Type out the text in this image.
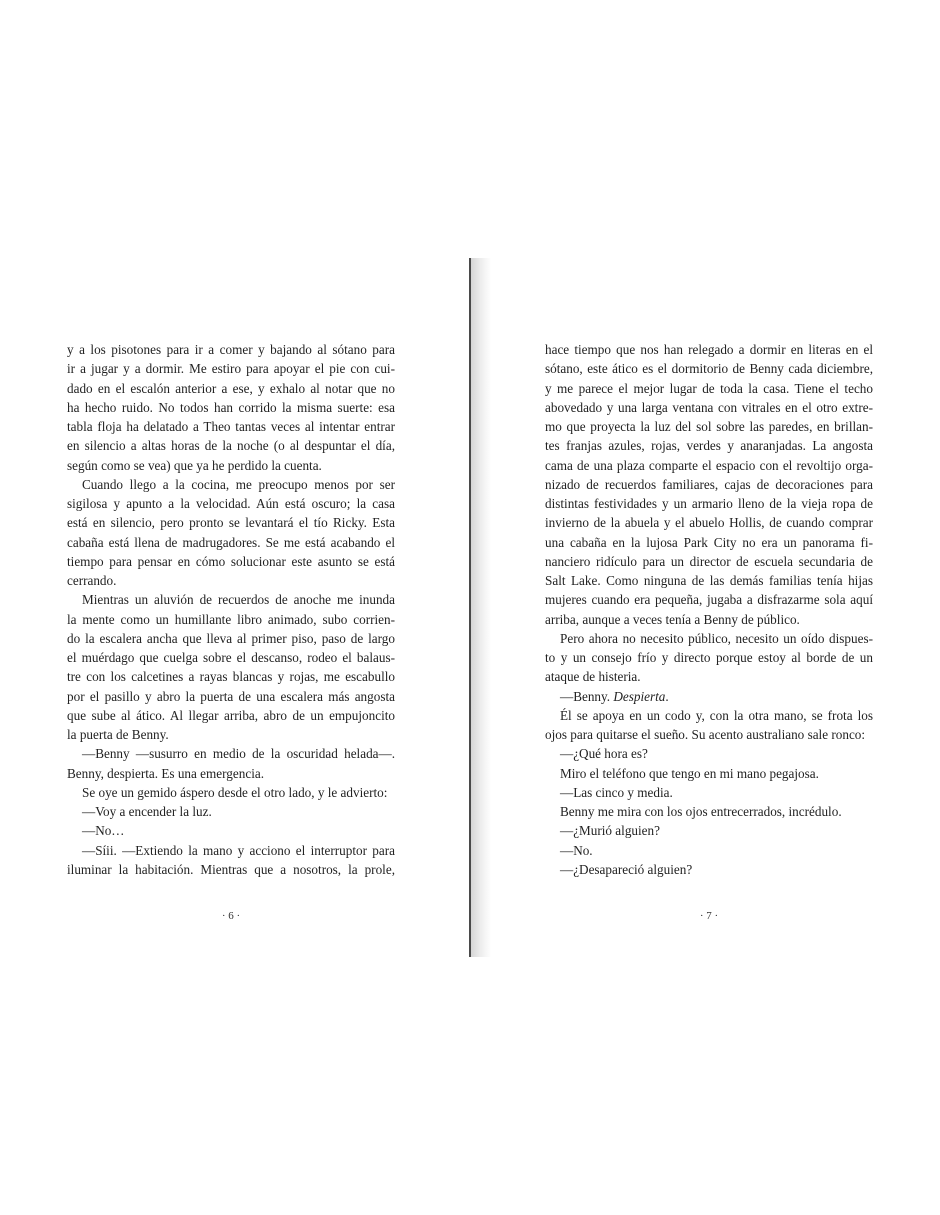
y a los pisotones para ir a comer y bajando al sótano para
ir a jugar y a dormir. Me estiro para apoyar el pie con cui-
dado en el escalón anterior a ese, y exhalo al notar que no
ha hecho ruido. No todos han corrido la misma suerte: esa
tabla floja ha delatado a Theo tantas veces al intentar entrar
en silencio a altas horas de la noche (o al despuntar el día,
según como se vea) que ya he perdido la cuenta.
Cuando llego a la cocina, me preocupo menos por ser
sigilosa y apunto a la velocidad. Aún está oscuro; la casa
está en silencio, pero pronto se levantará el tío Ricky. Esta
cabaña está llena de madrugadores. Se me está acabando el
tiempo para pensar en cómo solucionar este asunto se está
cerrando.
Mientras un aluvión de recuerdos de anoche me inunda
la mente como un humillante libro animado, subo corrien-
do la escalera ancha que lleva al primer piso, paso de largo
el muérdago que cuelga sobre el descanso, rodeo el balaus-
tre con los calcetines a rayas blancas y rojas, me escabullo
por el pasillo y abro la puerta de una escalera más angosta
que sube al ático. Al llegar arriba, abro de un empujoncito
la puerta de Benny.
—Benny —susurro en medio de la oscuridad helada—.
Benny, despierta. Es una emergencia.
Se oye un gemido áspero desde el otro lado, y le advierto:
—Voy a encender la luz.
—No…
—Síii. —Extiendo la mano y acciono el interruptor para
iluminar la habitación. Mientras que a nosotros, la prole,
· 6 ·
hace tiempo que nos han relegado a dormir en literas en el
sótano, este ático es el dormitorio de Benny cada diciembre,
y me parece el mejor lugar de toda la casa. Tiene el techo
abovedado y una larga ventana con vitrales en el otro extre-
mo que proyecta la luz del sol sobre las paredes, en brillan-
tes franjas azules, rojas, verdes y anaranjadas. La angosta
cama de una plaza comparte el espacio con el revoltijo orga-
nizado de recuerdos familiares, cajas de decoraciones para
distintas festividades y un armario lleno de la vieja ropa de
invierno de la abuela y el abuelo Hollis, de cuando comprar
una cabaña en la lujosa Park City no era un panorama fi-
nanciero ridículo para un director de escuela secundaria de
Salt Lake. Como ninguna de las demás familias tenía hijas
mujeres cuando era pequeña, jugaba a disfrazarme sola aquí
arriba, aunque a veces tenía a Benny de público.
Pero ahora no necesito público, necesito un oído dispues-
to y un consejo frío y directo porque estoy al borde de un
ataque de histeria.
—Benny. Despierta.
Él se apoya en un codo y, con la otra mano, se frota los
ojos para quitarse el sueño. Su acento australiano sale ronco:
—¿Qué hora es?
Miro el teléfono que tengo en mi mano pegajosa.
—Las cinco y media.
Benny me mira con los ojos entrecerrados, incrédulo.
—¿Murió alguien?
—No.
—¿Desapareció alguien?
· 7 ·
